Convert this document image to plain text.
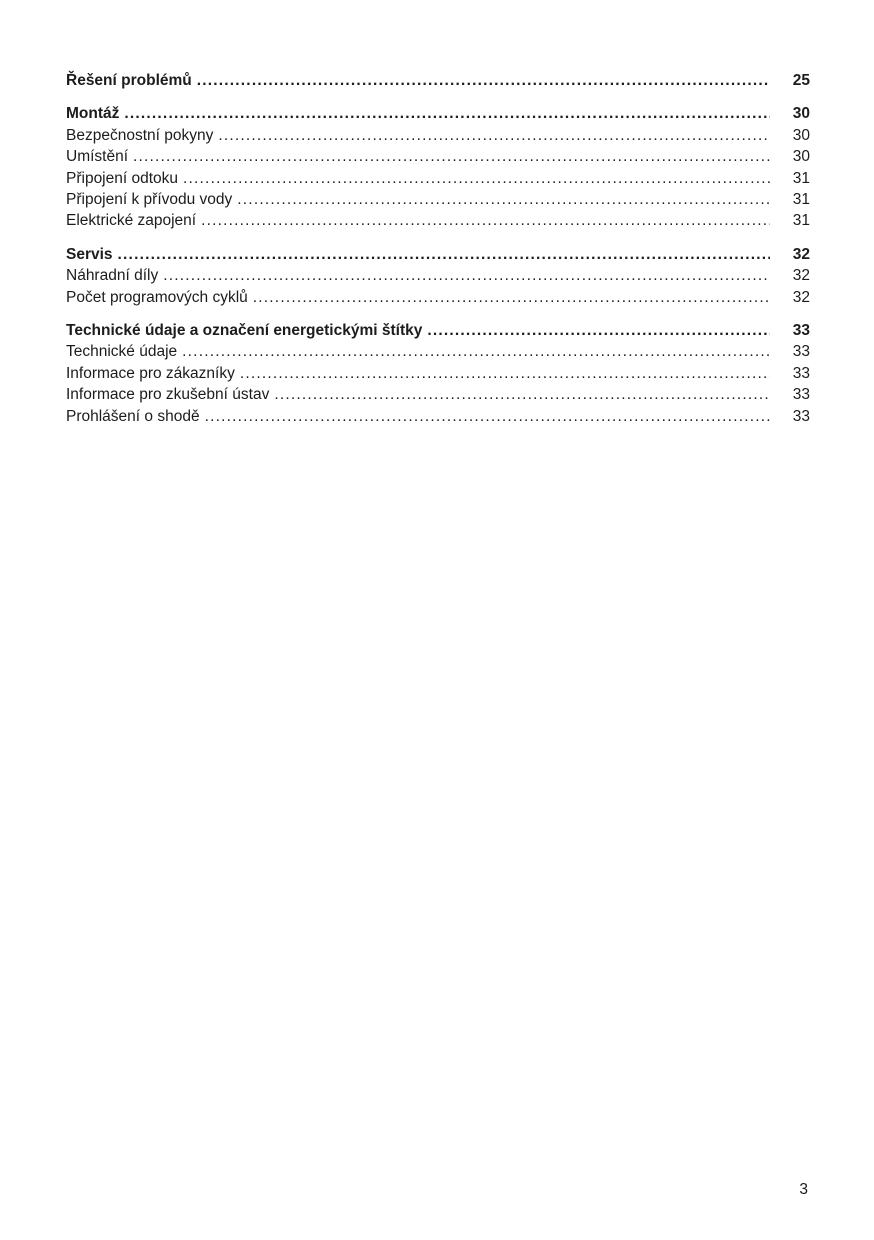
Řešení problémů .....	25
Montáž .....	30
Bezpečnostní pokyny .....	30
Umístění .....	30
Připojení odtoku .....	31
Připojení k přívodu vody .....	31
Elektrické zapojení .....	31
Servis .....	32
Náhradní díly .....	32
Počet programových cyklů .....	32
Technické údaje a označení energetickými štítky .....	33
Technické údaje .....	33
Informace pro zákazníky .....	33
Informace pro zkušební ústav .....	33
Prohlášení o shodě .....	33
3
